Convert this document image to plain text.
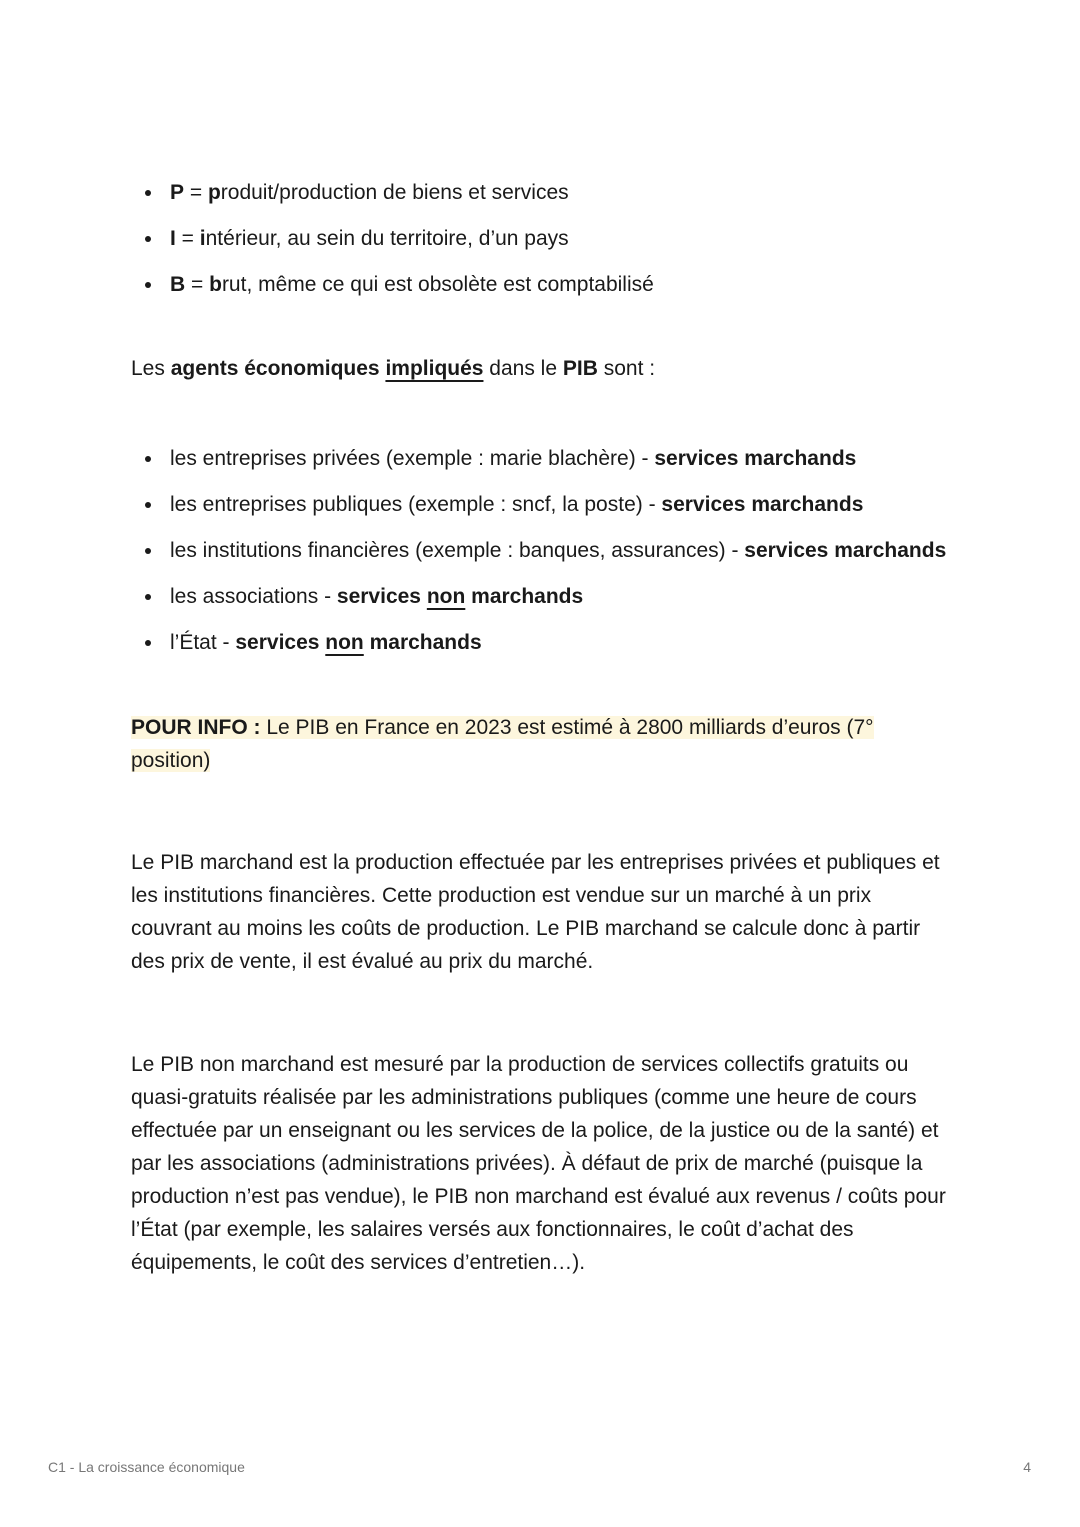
P = produit/production de biens et services
I = intérieur, au sein du territoire, d’un pays
B = brut, même ce qui est obsolète est comptabilisé

Les agents économiques impliqués dans le PIB sont :

les entreprises privées (exemple : marie blachère) - services marchands
les entreprises publiques (exemple : sncf, la poste) - services marchands
les institutions financières (exemple : banques, assurances) - services marchands
les associations - services non marchands
l’État - services non marchands

POUR INFO : Le PIB en France en 2023 est estimé à 2800 milliards d’euros (7° position)

Le PIB marchand est la production effectuée par les entreprises privées et publiques et les institutions financières. Cette production est vendue sur un marché à un prix couvrant au moins les coûts de production. Le PIB marchand se calcule donc à partir des prix de vente, il est évalué au prix du marché.

Le PIB non marchand est mesuré par la production de services collectifs gratuits ou quasi-gratuits réalisée par les administrations publiques (comme une heure de cours effectuée par un enseignant ou les services de la police, de la justice ou de la santé) et par les associations (administrations privées). À défaut de prix de marché (puisque la production n’est pas vendue), le PIB non marchand est évalué aux revenus / coûts pour l’État (par exemple, les salaires versés aux fonctionnaires, le coût d’achat des équipements, le coût des services d’entretien…).

C1 - La croissance économique	4
